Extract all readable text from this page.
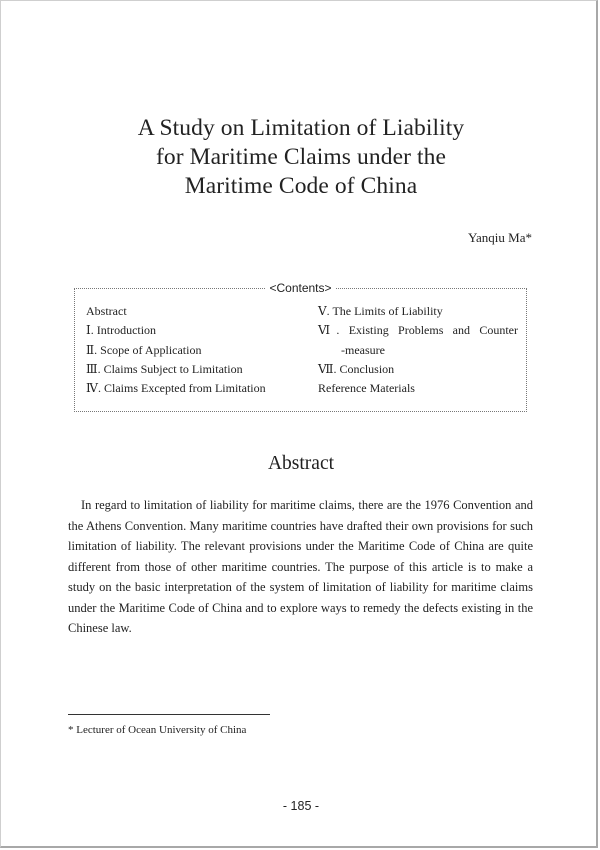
A Study on Limitation of Liability
for Maritime Claims under the
Maritime Code of China
Yanqiu Ma*
<Contents>
Abstract
Ⅰ. Introduction
Ⅱ. Scope of Application
Ⅲ. Claims Subject to Limitation
Ⅳ. Claims Excepted from Limitation
Ⅴ. The Limits of Liability
Ⅵ. Existing Problems and Counter
-measure
Ⅶ. Conclusion
Reference Materials
Abstract

In regard to limitation of liability for maritime claims, there are the 1976 Convention and the Athens Convention. Many maritime countries have drafted their own provisions for such limitation of liability. The relevant provisions under the Maritime Code of China are quite different from those of other maritime countries. The purpose of this article is to make a study on the basic interpretation of the system of limitation of liability for maritime claims under the Maritime Code of China and to explore ways to remedy the defects existing in the Chinese law.

* Lecturer of Ocean University of China
- 185 -
